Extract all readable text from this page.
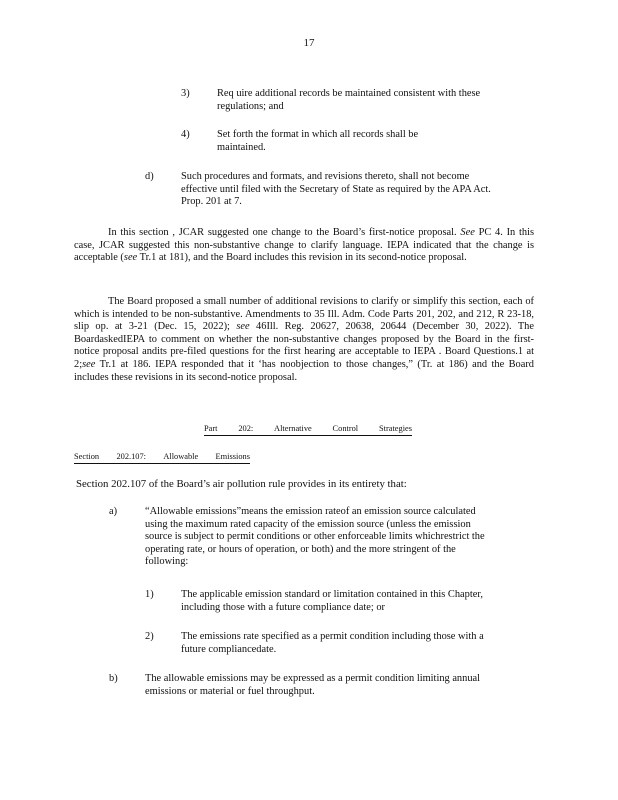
17
3)	Req uire additional records be maintained consistent with these regulations; and
4)	Set forth the format in which all records shall be maintained.
d)	Such procedures and formats, and revisions thereto, shall not become effective until filed with the Secretary of State as required by the APA Act. Prop. 201 at 7.
In this section , JCAR suggested one change to the Board’s first-notice proposal. See PC 4. In this case, JCAR suggested this non-substantive change to clarify language. IEPA indicated that the change is acceptable (see Tr.1 at 181), and the Board includes this revision in its second-notice proposal.
The Board proposed a small number of additional revisions to clarify or simplify this section, each of which is intended to be non-substantive. Amendments to 35 Ill. Adm. Code Parts 201, 202, and 212, R 23-18, slip op. at 3-21 (Dec. 15, 2022); see 46Ill. Reg. 20627, 20638, 20644 (December 30, 2022). The BoardaskedIEPA to comment on whether the non-substantive changes proposed by the Board in the first-notice proposal andits pre-filed questions for the first hearing are acceptable to IEPA . Board Questions.1 at 2;see Tr.1 at 186. IEPA responded that it ‘has noobjection to those changes,” (Tr. at 186) and the Board includes these revisions in its second-notice proposal.
Part 202: Alternative Control Strategies
Section 202.107: Allowable Emissions
Section 202.107 of the Board’s air pollution rule provides in its entirety that:
a)	“Allowable emissions”means the emission rateof an emission source calculated using the maximum rated capacity of the emission source (unless the emission source is subject to permit conditions or other enforceable limits whichrestrict the operating rate, or hours of operation, or both) and the more stringent of the following:
1)	The applicable emission standard or limitation contained in this Chapter, including those with a future compliance date; or
2)	The emissions rate specified as a permit condition including those with a future compliancedate.
b)	The allowable emissions may be expressed as a permit condition limiting annual emissions or material or fuel throughput.
